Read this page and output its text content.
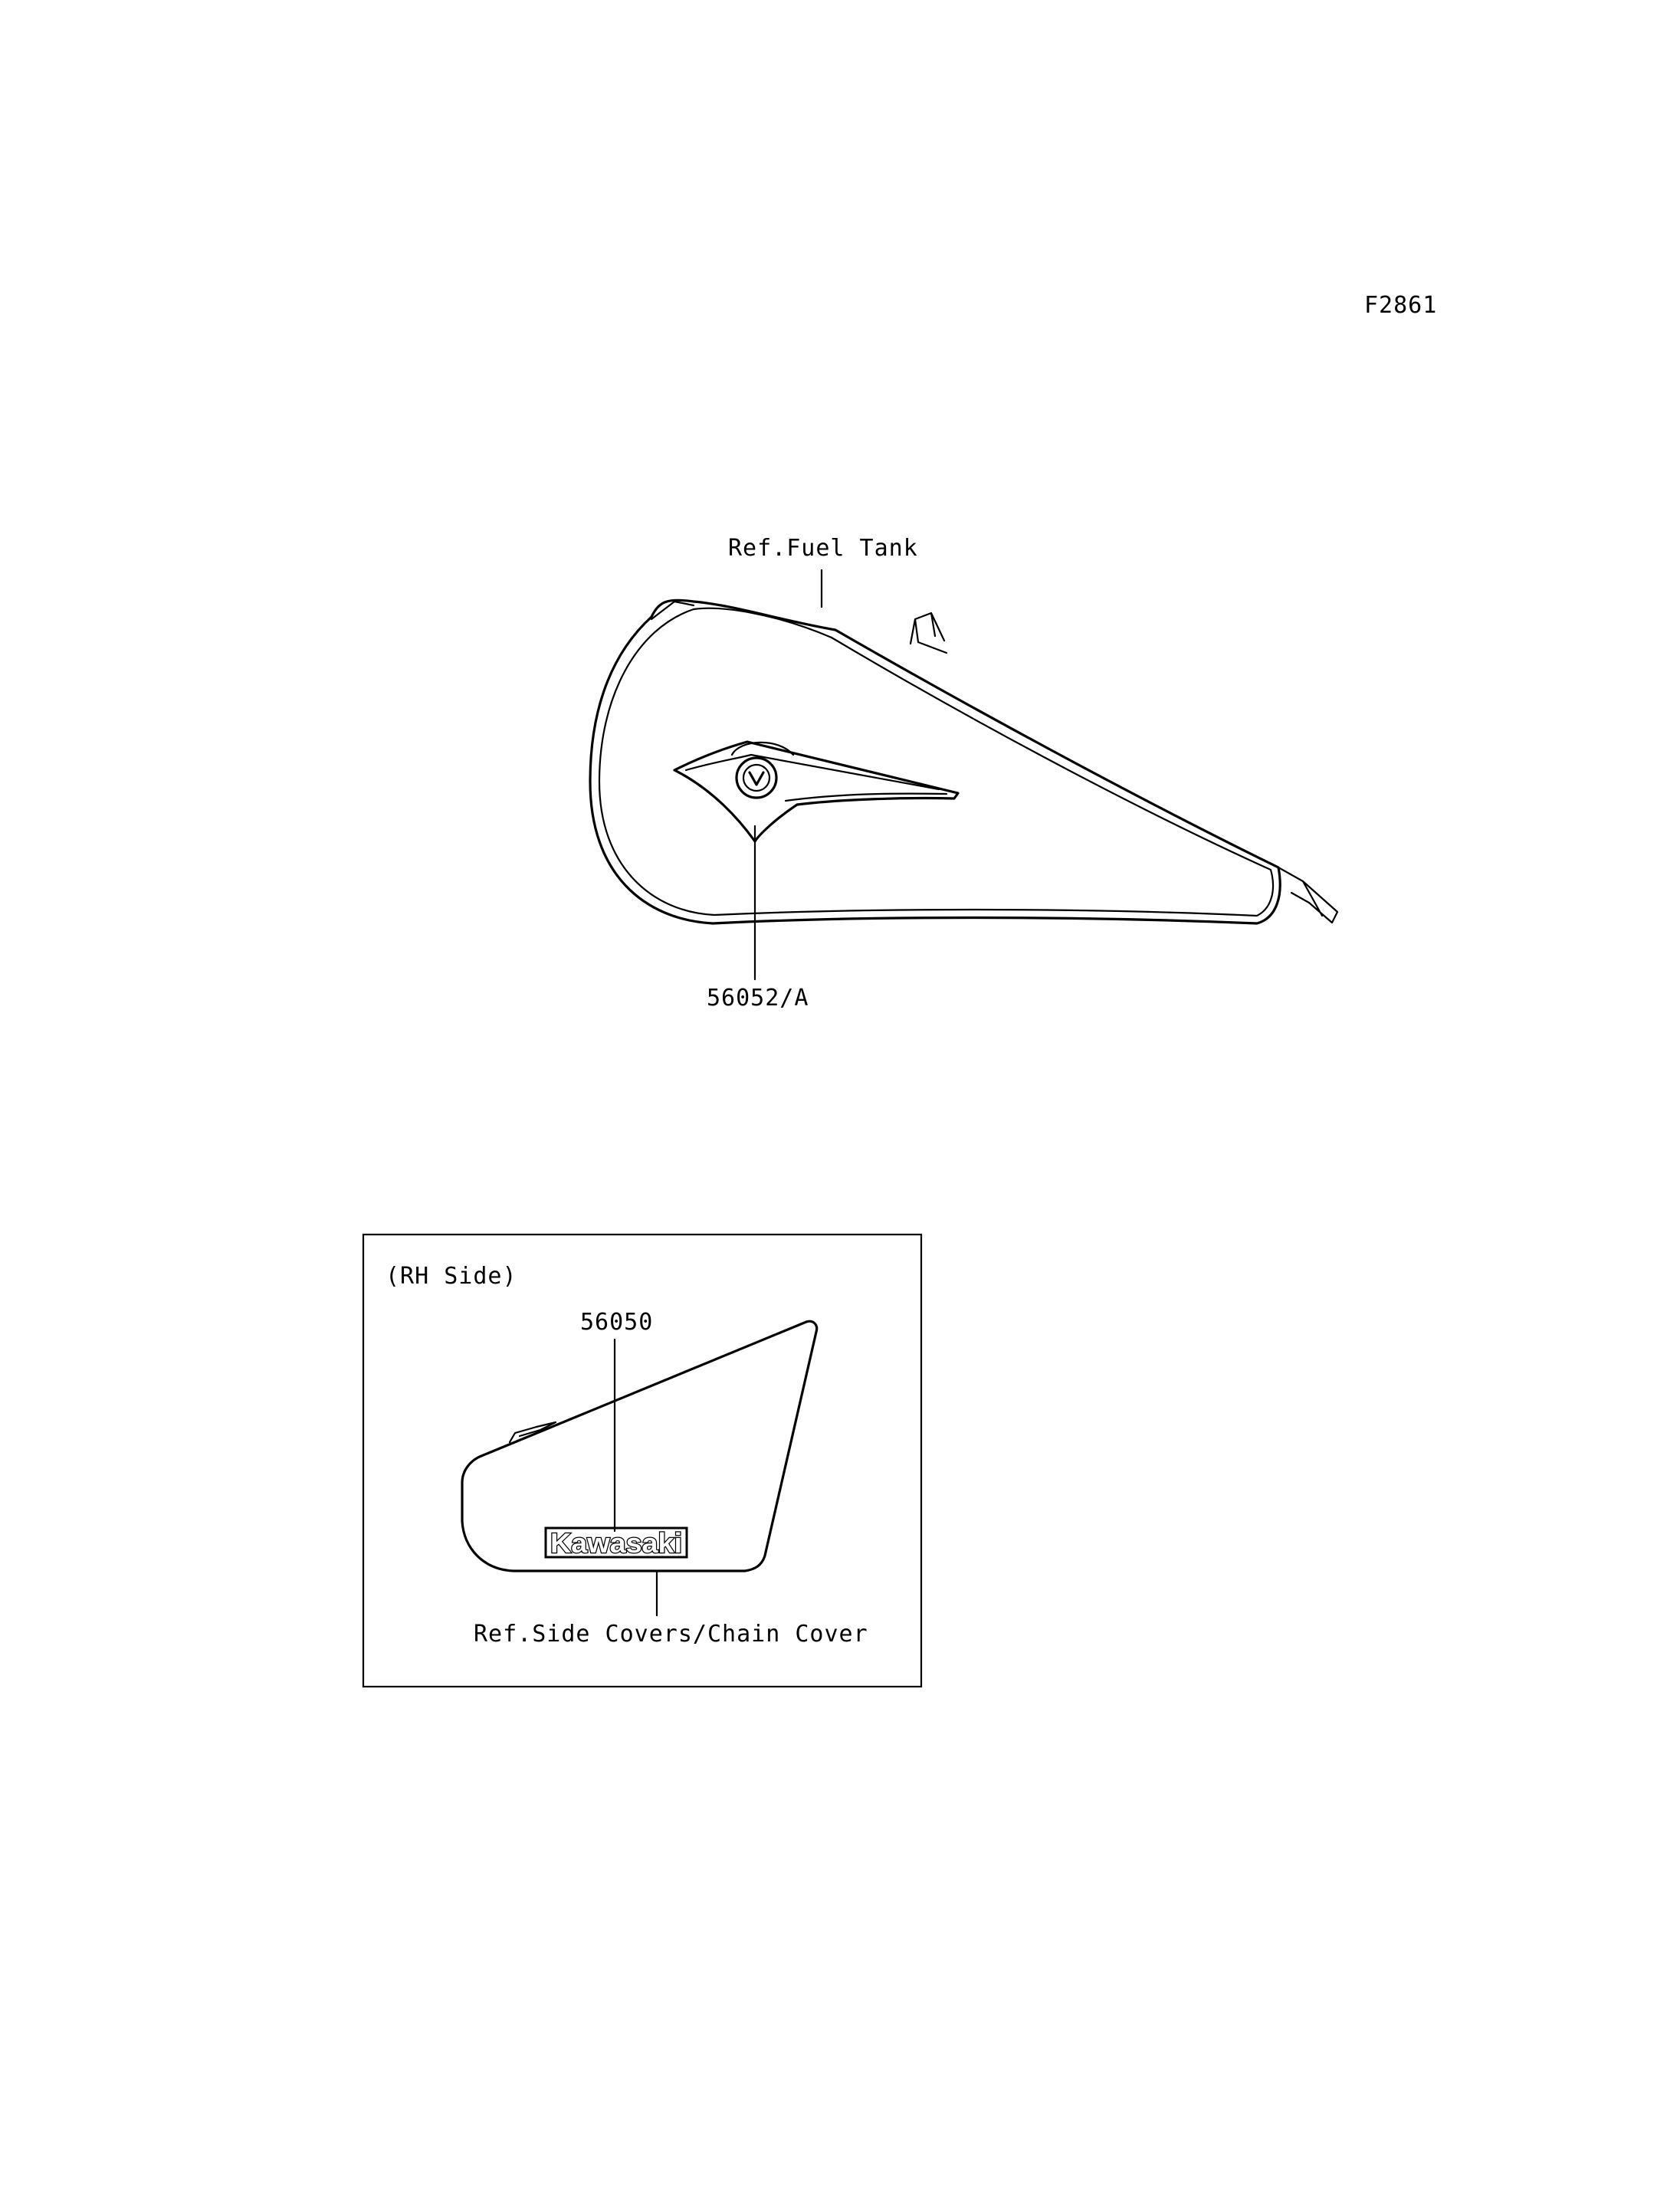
F2861
Ref.Fuel Tank
56052/A
(RH Side)
56050
Kawasaki
Ref.Side Covers/Chain Cover
